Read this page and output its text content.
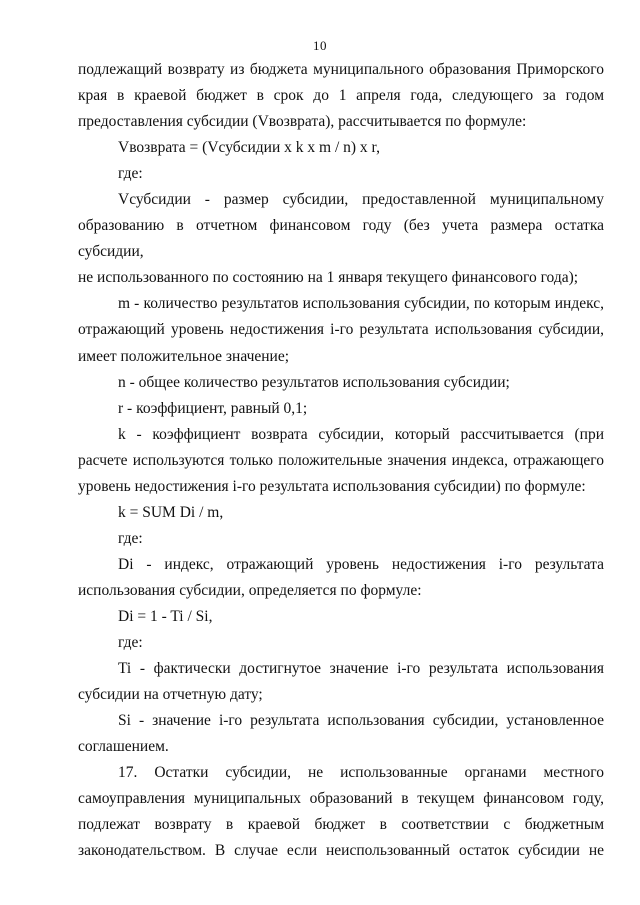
10

подлежащий возврату из бюджета муниципального образования Приморского

края в краевой бюджет в срок до 1 апреля года, следующего за годом

предоставления субсидии (Vвозврата), рассчитывается по формуле:

Vвозврата = (Vсубсидии x k x m / n) x r,

где:

Vсубсидии - размер субсидии, предоставленной муниципальному

образованию в отчетном финансовом году (без учета размера остатка субсидии,

не использованного по состоянию на 1 января текущего финансового года);

m - количество результатов использования субсидии, по которым индекс,

отражающий уровень недостижения i-го результата использования субсидии,

имеет положительное значение;

n - общее количество результатов использования субсидии;

r - коэффициент, равный 0,1;

k - коэффициент возврата субсидии, который рассчитывается (при

расчете используются только положительные значения индекса, отражающего

уровень недостижения i-го результата использования субсидии) по формуле:

k = SUM Di / m,

где:

Di - индекс, отражающий уровень недостижения i-го результата

использования субсидии, определяется по формуле:

Di = 1 - Ti / Si,

где:

Ti - фактически достигнутое значение i-го результата использования

субсидии на отчетную дату;

Si - значение i-го результата использования субсидии, установленное

соглашением.

17. Остатки субсидии, не использованные органами местного

самоуправления муниципальных образований в текущем финансовом году,

подлежат возврату в краевой бюджет в соответствии с бюджетным

законодательством. В случае если неиспользованный остаток субсидии не
